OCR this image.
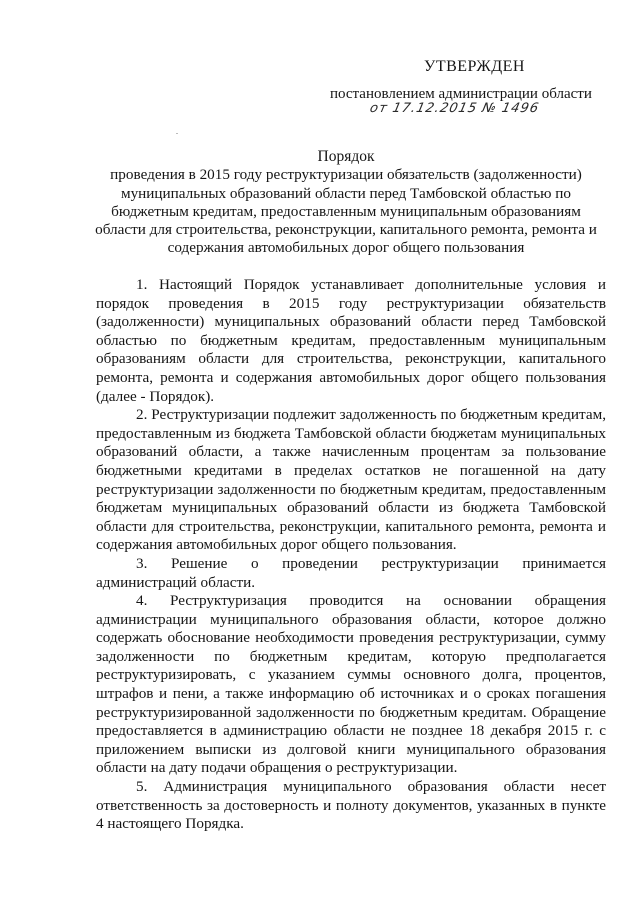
УТВЕРЖДЕН
постановлением администрации области
от 17.12.2015 № 1496
Порядок
проведения в 2015 году реструктуризации обязательств (задолженности)
муниципальных образований области перед Тамбовской областью по
бюджетным кредитам, предоставленным муниципальным образованиям
области для строительства, реконструкции, капитального ремонта, ремонта и
содержания автомобильных дорог общего пользования

1. Настоящий Порядок устанавливает дополнительные условия и порядок проведения в 2015 году реструктуризации обязательств (задолженности) муниципальных образований области перед Тамбовской областью по бюджетным кредитам, предоставленным муниципальным образованиям области для строительства, реконструкции, капитального ремонта, ремонта и содержания автомобильных дорог общего пользования (далее - Порядок).

2. Реструктуризации подлежит задолженность по бюджетным кредитам, предоставленным из бюджета Тамбовской области бюджетам муниципальных образований области, а также начисленным процентам за пользование бюджетными кредитами в пределах остатков не погашенной на дату реструктуризации задолженности по бюджетным кредитам, предоставленным бюджетам муниципальных образований области из бюджета Тамбовской области для строительства, реконструкции, капитального ремонта, ремонта и содержания автомобильных дорог общего пользования.

3. Решение о проведении реструктуризации принимается администраций области.

4. Реструктуризация проводится на основании обращения администрации муниципального образования области, которое должно содержать обоснование необходимости проведения реструктуризации, сумму задолженности по бюджетным кредитам, которую предполагается реструктуризировать, с указанием суммы основного долга, процентов, штрафов и пени, а также информацию об источниках и о сроках погашения реструктуризированной задолженности по бюджетным кредитам. Обращение предоставляется в администрацию области не позднее 18 декабря 2015 г. с приложением выписки из долговой книги муниципального образования области на дату подачи обращения о реструктуризации.

5. Администрация муниципального образования области несет ответственность за достоверность и полноту документов, указанных в пункте 4 настоящего Порядка.
